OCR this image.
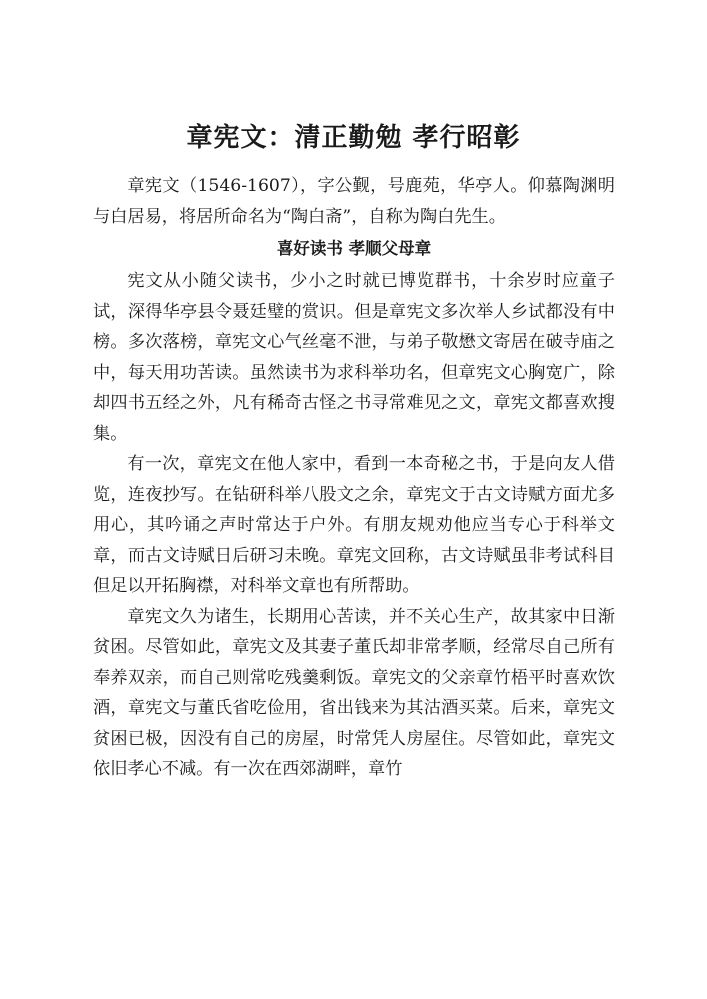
章宪文：清正勤勉 孝行昭彰

章宪文（1546-1607），字公觐，号鹿苑，华亭人。仰慕陶渊明与白居易，将居所命名为“陶白斋”，自称为陶白先生。

喜好读书 孝顺父母章

宪文从小随父读书，少小之时就已博览群书，十余岁时应童子试，深得华亭县令聂廷璧的赏识。但是章宪文多次举人乡试都没有中榜。多次落榜，章宪文心气丝毫不泄，与弟子敬懋文寄居在破寺庙之中，每天用功苦读。虽然读书为求科举功名，但章宪文心胸宽广，除却四书五经之外，凡有稀奇古怪之书寻常难见之文，章宪文都喜欢搜集。

有一次，章宪文在他人家中，看到一本奇秘之书，于是向友人借览，连夜抄写。在钻研科举八股文之余，章宪文于古文诗赋方面尤多用心，其吟诵之声时常达于户外。有朋友规劝他应当专心于科举文章，而古文诗赋日后研习未晚。章宪文回称，古文诗赋虽非考试科目但足以开拓胸襟，对科举文章也有所帮助。

章宪文久为诸生，长期用心苦读，并不关心生产，故其家中日渐贫困。尽管如此，章宪文及其妻子董氏却非常孝顺，经常尽自己所有奉养双亲，而自己则常吃残羹剩饭。章宪文的父亲章竹梧平时喜欢饮酒，章宪文与董氏省吃俭用，省出钱来为其沽酒买菜。后来，章宪文贫困已极，因没有自己的房屋，时常凭人房屋住。尽管如此，章宪文依旧孝心不减。有一次在西郊湖畔，章竹
